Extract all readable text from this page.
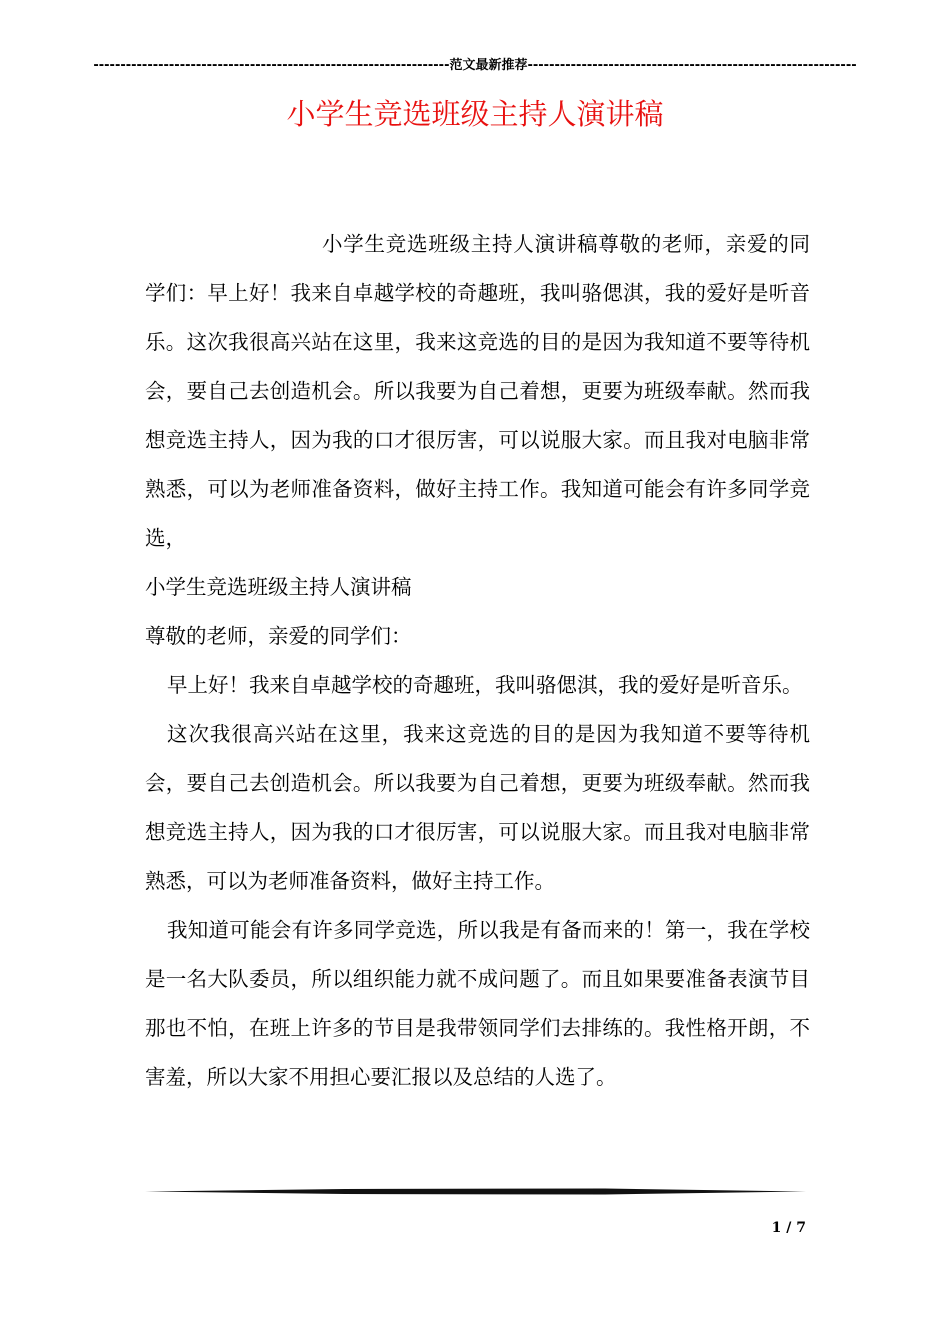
------------------------------------------------------------------范文最新推荐-------------------------------------------------------------
小学生竞选班级主持人演讲稿

小学生竞选班级主持人演讲稿尊敬的老师，亲爱的同学们：早上好！我来自卓越学校的奇趣班，我叫骆偲淇，我的爱好是听音乐。这次我很高兴站在这里，我来这竞选的目的是因为我知道不要等待机会，要自己去创造机会。所以我要为自己着想，更要为班级奉献。然而我想竞选主持人，因为我的口才很厉害，可以说服大家。而且我对电脑非常熟悉，可以为老师准备资料，做好主持工作。我知道可能会有许多同学竞选，

小学生竞选班级主持人演讲稿

尊敬的老师，亲爱的同学们：

早上好！我来自卓越学校的奇趣班，我叫骆偲淇，我的爱好是听音乐。

这次我很高兴站在这里，我来这竞选的目的是因为我知道不要等待机会，要自己去创造机会。所以我要为自己着想，更要为班级奉献。然而我想竞选主持人，因为我的口才很厉害，可以说服大家。而且我对电脑非常熟悉，可以为老师准备资料，做好主持工作。

我知道可能会有许多同学竞选，所以我是有备而来的！第一，我在学校是一名大队委员，所以组织能力就不成问题了。而且如果要准备表演节目那也不怕，在班上许多的节目是我带领同学们去排练的。我性格开朗，不害羞，所以大家不用担心要汇报以及总结的人选了。

1 / 7
